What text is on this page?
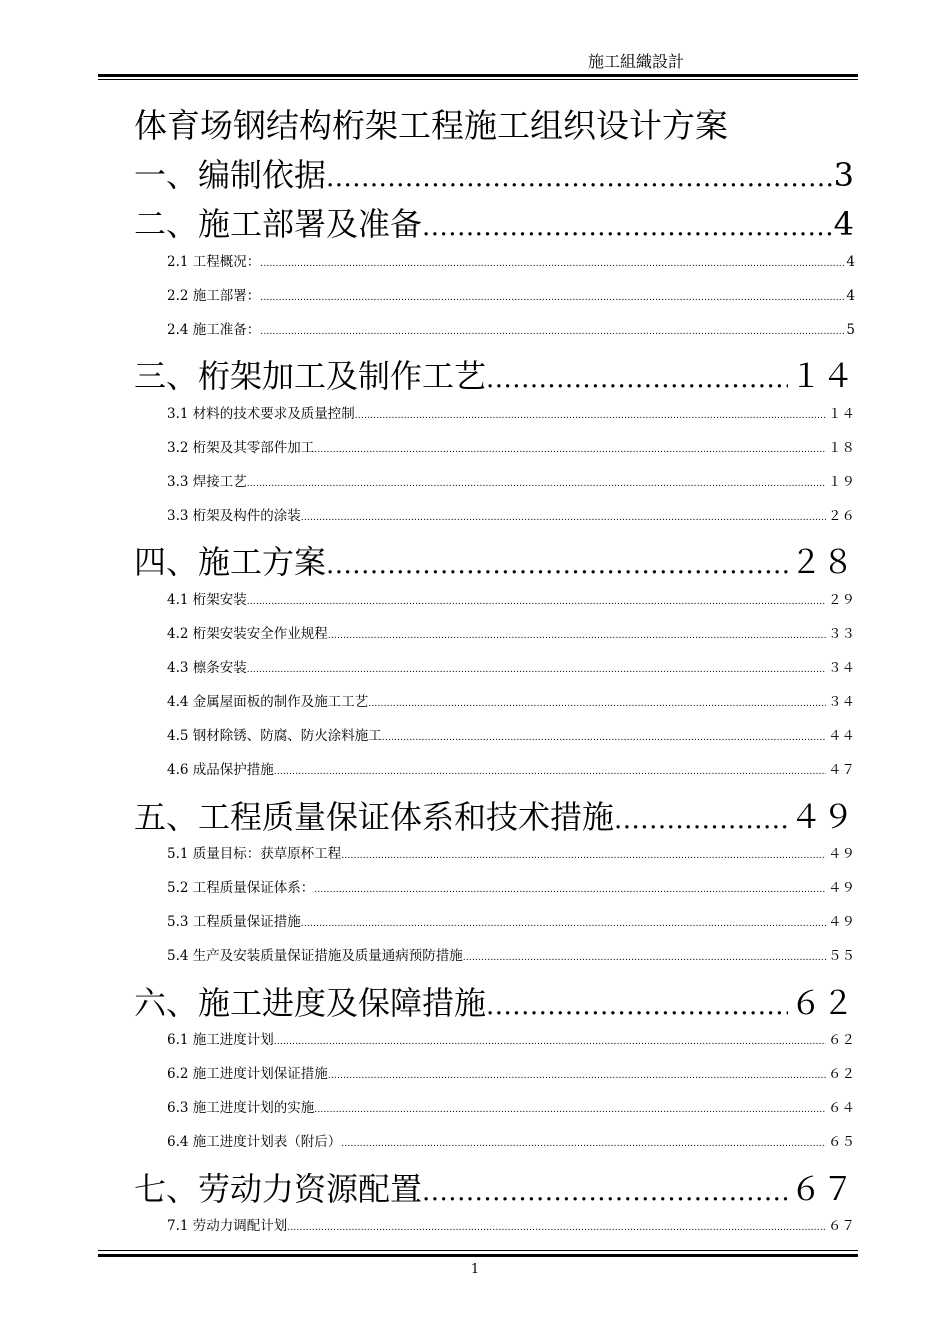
施工組織設計
体育场钢结构桁架工程施工组织设计方案
一、编制依据 .....	3
二、施工部署及准备 .....	4
2.1 工程概况： .....	4
2.2 施工部署： .....	4
2.4 施工准备： .....	5
三、桁架加工及制作工艺 .....	１４
3.1 材料的技术要求及质量控制 .....	１４
3.2 桁架及其零部件加工 .....	１８
3.3 焊接工艺 .....	１９
3.3 桁架及构件的涂装 .....	２６
四、施工方案 .....	２８
4.1 桁架安装 .....	２９
4.2 桁架安装安全作业规程 .....	３３
4.3 檩条安装 .....	３４
4.4 金属屋面板的制作及施工工艺 .....	３４
4.5 钢材除锈、防腐、防火涂料施工 .....	４４
4.6 成品保护措施 .....	４７
五、工程质量保证体系和技术措施 .....	４９
5.1 质量目标：获草原杯工程 .....	４９
5.2 工程质量保证体系： .....	４９
5.3 工程质量保证措施 .....	４９
5.4 生产及安装质量保证措施及质量通病预防措施 .....	５５
六、施工进度及保障措施 .....	６２
6.1 施工进度计划 .....	６２
6.2 施工进度计划保证措施 .....	６２
6.3 施工进度计划的实施 .....	６４
6.4 施工进度计划表（附后） .....	６５
七、劳动力资源配置 .....	６７
7.1 劳动力调配计划 .....	６７
1
